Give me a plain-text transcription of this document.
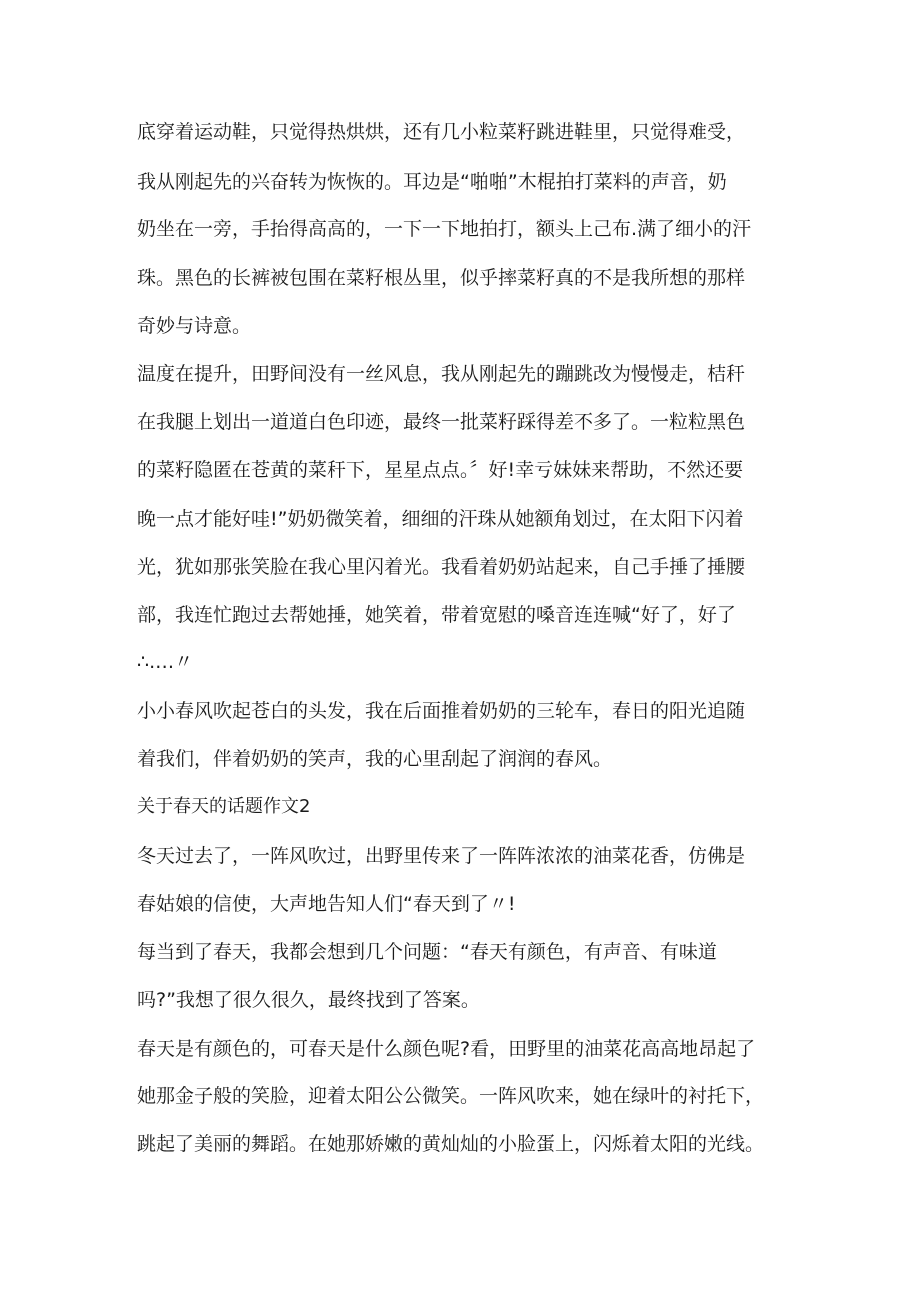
底穿着运动鞋，只觉得热烘烘，还有几小粒菜籽跳进鞋里，只觉得难受，

我从刚起先的兴奋转为恢恢的。耳边是“啪啪”木棍拍打菜料的声音，奶

奶坐在一旁，手抬得高高的，一下一下地拍打，额头上己布.满了细小的汗

珠。黑色的长裤被包围在菜籽根丛里，似乎摔菜籽真的不是我所想的那样

奇妙与诗意。

温度在提升，田野间没有一丝风息，我从刚起先的蹦跳改为慢慢走，桔秆

在我腿上划出一道道白色印迹，最终一批菜籽踩得差不多了。一粒粒黑色

的菜籽隐匿在苍黄的菜秆下，星星点点。〞好!幸亏妹妹来帮助，不然还要

晚一点才能好哇!”奶奶微笑着，细细的汗珠从她额角划过，在太阳下闪着

光，犹如那张笑脸在我心里闪着光。我看着奶奶站起来，自己手捶了捶腰

部，我连忙跑过去帮她捶，她笑着，带着宽慰的嗓音连连喊“好了，好了

∴.…〃

小小春风吹起苍白的头发，我在后面推着奶奶的三轮车，春日的阳光追随

着我们，伴着奶奶的笑声，我的心里刮起了润润的春风。

关于春天的话题作文2

冬天过去了，一阵风吹过，出野里传来了一阵阵浓浓的油菜花香，仿佛是

春姑娘的信使，大声地告知人们“春天到了〃!

每当到了春天，我都会想到几个问题：“春天有颜色，有声音、有味道

吗?”我想了很久很久，最终找到了答案。

春天是有颜色的，可春天是什么颜色呢?看，田野里的油菜花高高地昂起了

她那金子般的笑脸，迎着太阳公公微笑。一阵风吹来，她在绿叶的衬托下，

跳起了美丽的舞蹈。在她那娇嫩的黄灿灿的小脸蛋上，闪烁着太阳的光线。
